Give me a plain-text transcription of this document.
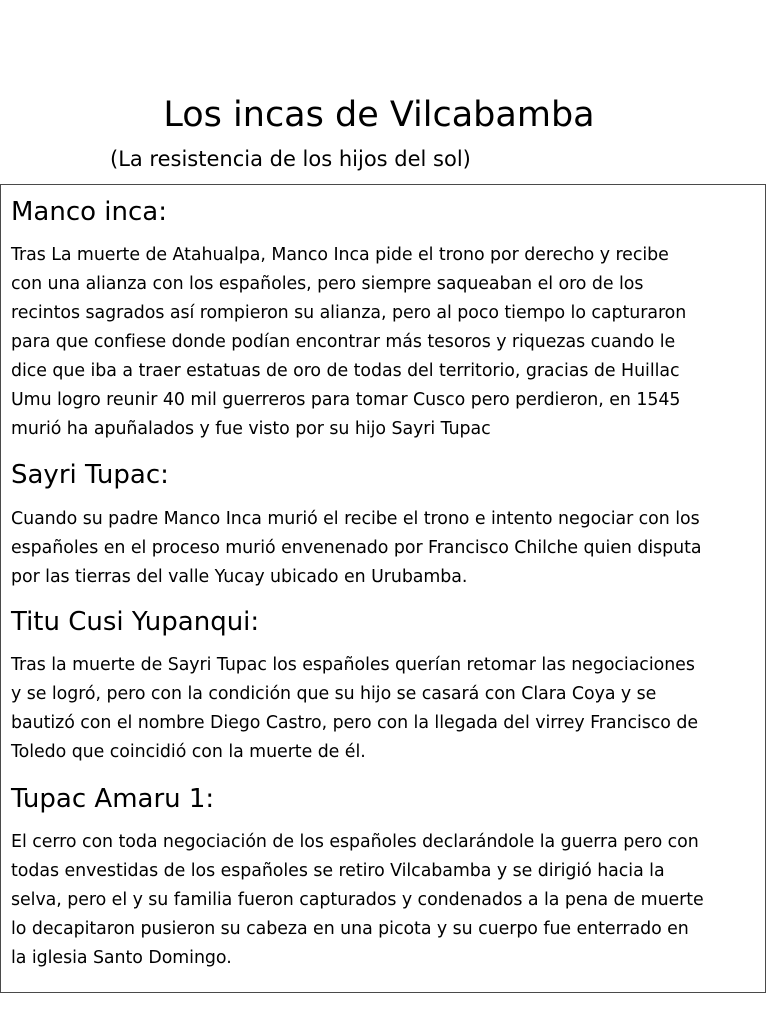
Los incas de Vilcabamba

(La resistencia de los hijos del sol)

Manco inca:

Tras La muerte de Atahualpa, Manco Inca pide el trono por derecho y recibe
con una alianza con los españoles, pero siempre saqueaban el oro de los
recintos sagrados así rompieron su alianza, pero al poco tiempo lo capturaron
para que confiese donde podían encontrar más tesoros y riquezas cuando le
dice que iba a traer estatuas de oro de todas del territorio, gracias de Huillac
Umu logro reunir 40 mil guerreros para tomar Cusco pero perdieron, en 1545
murió ha apuñalados y fue visto por su hijo Sayri Tupac

Sayri Tupac:

Cuando su padre Manco Inca murió el recibe el trono e intento negociar con los
españoles en el proceso murió envenenado por Francisco Chilche quien disputa
por las tierras del valle Yucay ubicado en Urubamba.

Titu Cusi Yupanqui:

Tras la muerte de Sayri Tupac los españoles querían retomar las negociaciones
y se logró, pero con la condición que su hijo se casará con Clara Coya y se
bautizó con el nombre Diego Castro, pero con la llegada del virrey Francisco de
Toledo que coincidió con la muerte de él.

Tupac Amaru 1:

El cerro con toda negociación de los españoles declarándole la guerra pero con
todas envestidas de los españoles se retiro Vilcabamba y se dirigió hacia la
selva, pero el y su familia fueron capturados y condenados a la pena de muerte
lo decapitaron pusieron su cabeza en una picota y su cuerpo fue enterrado en
la iglesia Santo Domingo.
